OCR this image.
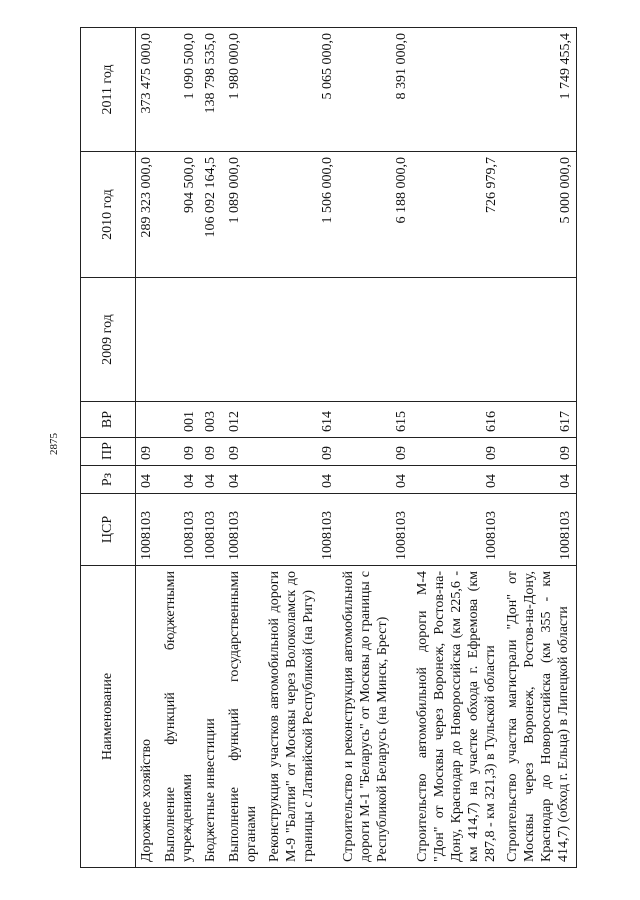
2875
Наименование	ЦСР	Рз	ПР	ВР	2009 год	2010 год	2011 год
Дорожное хозяйство	1008103	04	09			289 323 000,0	373 475 000,0
Выполнение функций бюджетными учреждениями	1008103	04	09	001		904 500,0	1 090 500,0
Бюджетные инвестиции	1008103	04	09	003		106 092 164,5	138 798 535,0
Выполнение функций государственными органами	1008103	04	09	012		1 089 000,0	1 980 000,0
Реконструкция участков автомобильной дороги М-9 "Балтия" от Москвы через Волоколамск до границы с Латвийской Республикой (на Ригу)	1008103	04	09	614		1 506 000,0	5 065 000,0
Строительство и реконструкция автомобильной дороги М-1 "Беларусь" от Москвы до границы с Республикой Беларусь (на Минск, Брест)	1008103	04	09	615		6 188 000,0	8 391 000,0
Строительство автомобильной дороги М-4 "Дон" от Москвы через Воронеж, Ростов-на-Дону, Краснодар до Новороссийска (км 225,6 - км 414,7) на участке обхода г. Ефремова (км 287,8 - км 321,3) в Тульской области	1008103	04	09	616		726 979,7	
Строительство участка магистрали "Дон" от Москвы через Воронеж, Ростов-на-Дону, Краснодар до Новороссийска (км 355 - км 414,7) (обход г. Ельца) в Липецкой области	1008103	04	09	617		5 000 000,0	1 749 455,4
